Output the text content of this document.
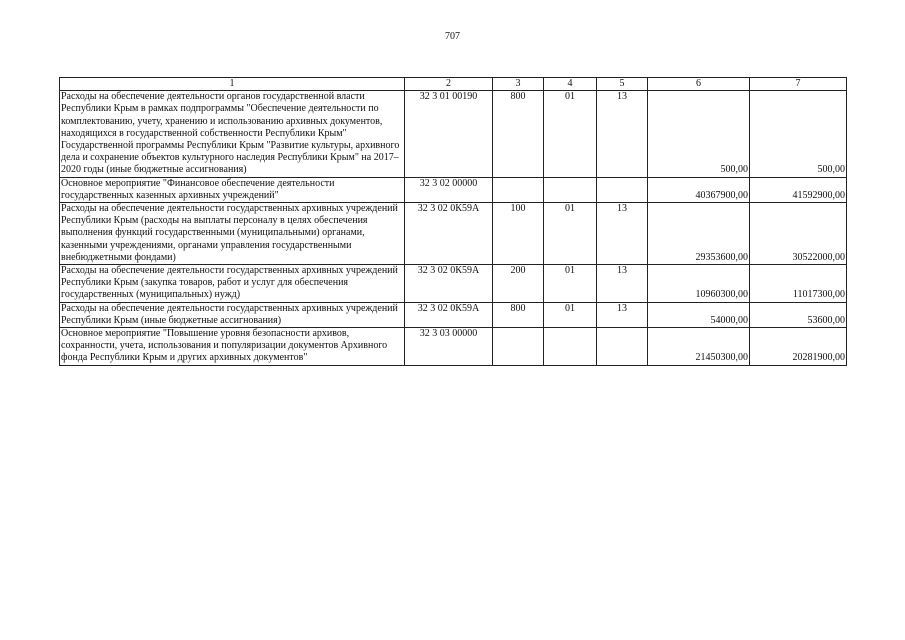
707
1	2	3	4	5	6	7
Расходы на обеспечение деятельности органов государственной власти Республики Крым в рамках подпрограммы "Обеспечение деятельности по комплектованию, учету, хранению и использованию архивных документов, находящихся в государственной собственности Республики Крым" Государственной программы Республики Крым "Развитие культуры, архивного дела и сохранение объектов культурного наследия Республики Крым" на 2017–2020 годы (иные бюджетные ассигнования)	32 3 01 00190	800	01	13	500,00	500,00
Основное мероприятие "Финансовое обеспечение деятельности государственных казенных архивных учреждений"	32 3 02 00000				40367900,00	41592900,00
Расходы на обеспечение деятельности государственных архивных учреждений Республики Крым (расходы на выплаты персоналу в целях обеспечения выполнения функций государственными (муниципальными) органами, казенными учреждениями, органами управления государственными внебюджетными фондами)	32 3 02 0К59А	100	01	13	29353600,00	30522000,00
Расходы на обеспечение деятельности государственных архивных учреждений Республики Крым (закупка товаров, работ и услуг для обеспечения государственных (муниципальных) нужд)	32 3 02 0К59А	200	01	13	10960300,00	11017300,00
Расходы на обеспечение деятельности государственных архивных учреждений Республики Крым (иные бюджетные ассигнования)	32 3 02 0К59А	800	01	13	54000,00	53600,00
Основное мероприятие "Повышение уровня безопасности архивов, сохранности, учета, использования и популяризации документов Архивного фонда Республики Крым и других архивных документов"	32 3 03 00000				21450300,00	20281900,00
